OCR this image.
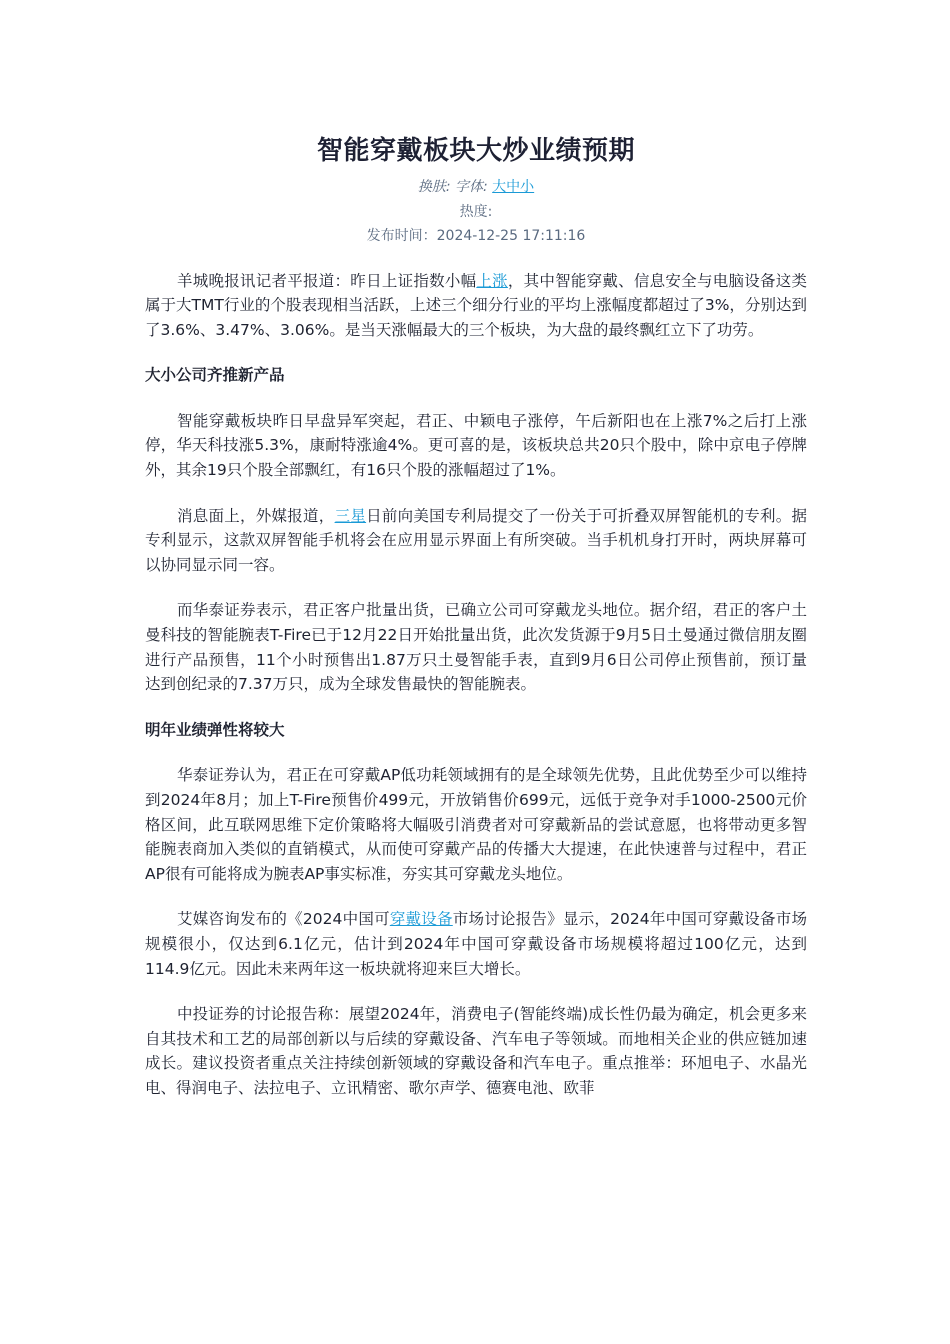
智能穿戴板块大炒业绩预期
换肤: 字体: 大中小
热度:
发布时间：2024-12-25 17:11:16

羊城晚报讯记者平报道：昨日上证指数小幅上涨，其中智能穿戴、信息安全与电脑设备这类属于大TMT行业的个股表现相当活跃，上述三个细分行业的平均上涨幅度都超过了3%，分别达到了3.6%、3.47%、3.06%。是当天涨幅最大的三个板块，为大盘的最终飘红立下了功劳。

大小公司齐推新产品

智能穿戴板块昨日早盘异军突起，君正、中颖电子涨停，午后新阳也在上涨7%之后打上涨停，华天科技涨5.3%，康耐特涨逾4%。更可喜的是，该板块总共20只个股中，除中京电子停牌外，其余19只个股全部飘红，有16只个股的涨幅超过了1%。

消息面上，外媒报道，三星日前向美国专利局提交了一份关于可折叠双屏智能机的专利。据专利显示，这款双屏智能手机将会在应用显示界面上有所突破。当手机机身打开时，两块屏幕可以协同显示同一容。

而华泰证券表示，君正客户批量出货，已确立公司可穿戴龙头地位。据介绍，君正的客户土曼科技的智能腕表T-Fire已于12月22日开始批量出货，此次发货源于9月5日土曼通过微信朋友圈进行产品预售，11个小时预售出1.87万只土曼智能手表，直到9月6日公司停止预售前，预订量达到创纪录的7.37万只，成为全球发售最快的智能腕表。

明年业绩弹性将较大

华泰证券认为，君正在可穿戴AP低功耗领域拥有的是全球领先优势，且此优势至少可以维持到2024年8月；加上T-Fire预售价499元，开放销售价699元，远低于竞争对手1000-2500元价格区间，此互联网思维下定价策略将大幅吸引消费者对可穿戴新品的尝试意愿，也将带动更多智能腕表商加入类似的直销模式，从而使可穿戴产品的传播大大提速，在此快速普与过程中，君正AP很有可能将成为腕表AP事实标准，夯实其可穿戴龙头地位。

艾媒咨询发布的《2024中国可穿戴设备市场讨论报告》显示，2024年中国可穿戴设备市场规模很小，仅达到6.1亿元，估计到2024年中国可穿戴设备市场规模将超过100亿元，达到114.9亿元。因此未来两年这一板块就将迎来巨大增长。

中投证券的讨论报告称：展望2024年，消费电子(智能终端)成长性仍最为确定，机会更多来自其技术和工艺的局部创新以与后续的穿戴设备、汽车电子等领域。而地相关企业的供应链加速成长。建议投资者重点关注持续创新领域的穿戴设备和汽车电子。重点推举：环旭电子、水晶光电、得润电子、法拉电子、立讯精密、歌尔声学、德赛电池、欧菲
